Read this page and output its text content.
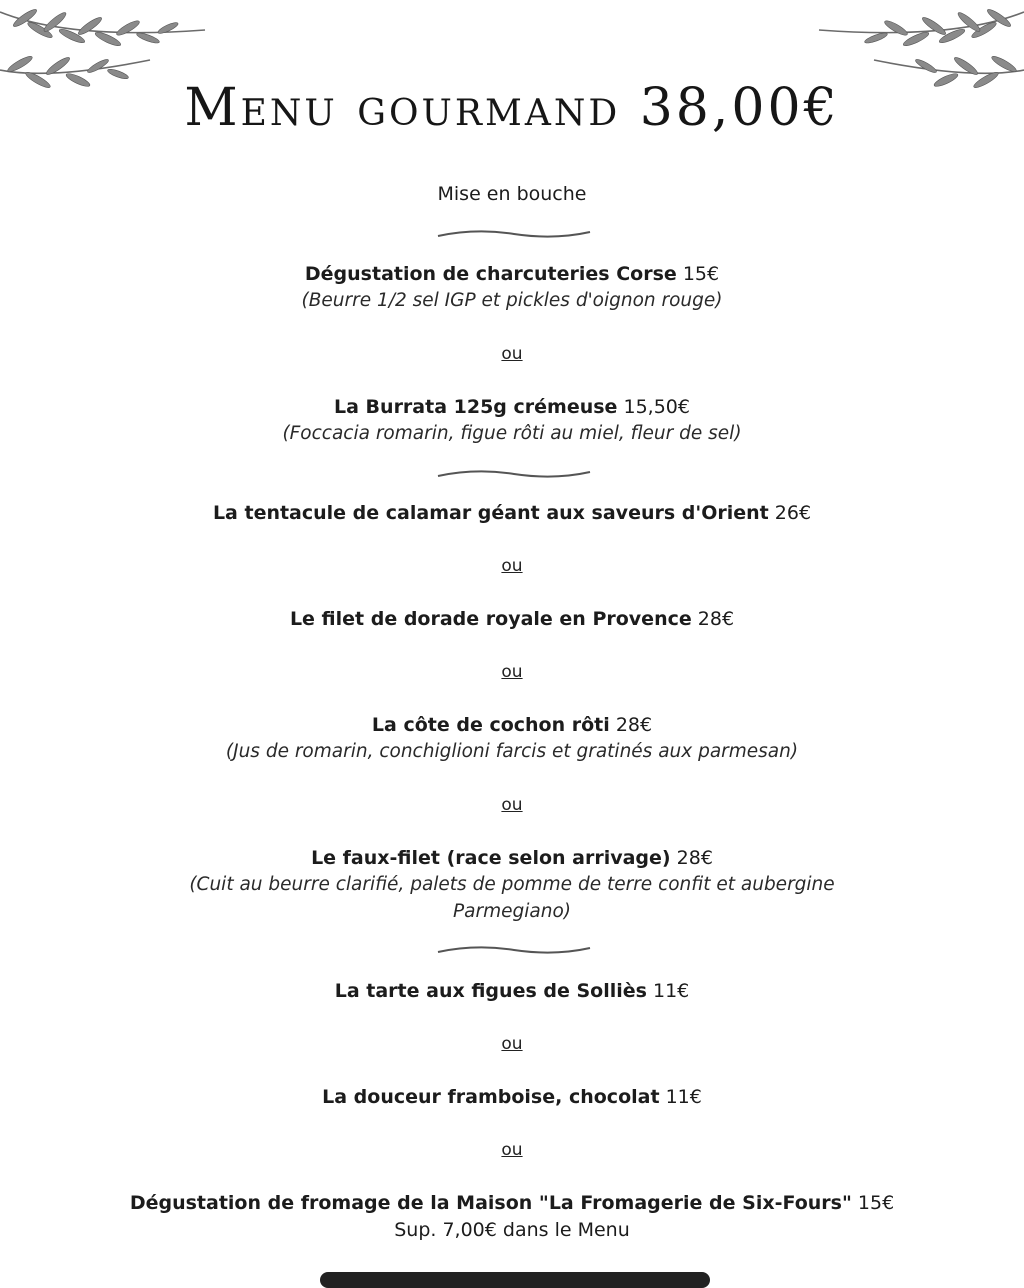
Menu gourmand 38,00€
Mise en bouche
Dégustation de charcuteries Corse 15€
(Beurre 1/2 sel IGP et pickles d'oignon rouge)
ou
La Burrata 125g crémeuse 15,50€
(Foccacia romarin, figue rôti au miel, fleur de sel)
La tentacule de calamar géant aux saveurs d'Orient 26€
ou
Le filet de dorade royale en Provence 28€
ou
La côte de cochon rôti 28€
(Jus de romarin, conchiglioni farcis et gratinés aux parmesan)
ou
Le faux-filet (race selon arrivage) 28€
(Cuit au beurre clarifié, palets de pomme de terre confit et aubergine
Parmegiano)
La tarte aux figues de Solliès 11€
ou
La douceur framboise, chocolat 11€
ou
Dégustation de fromage de la Maison "La Fromagerie de Six-Fours" 15€
Sup. 7,00€ dans le Menu
